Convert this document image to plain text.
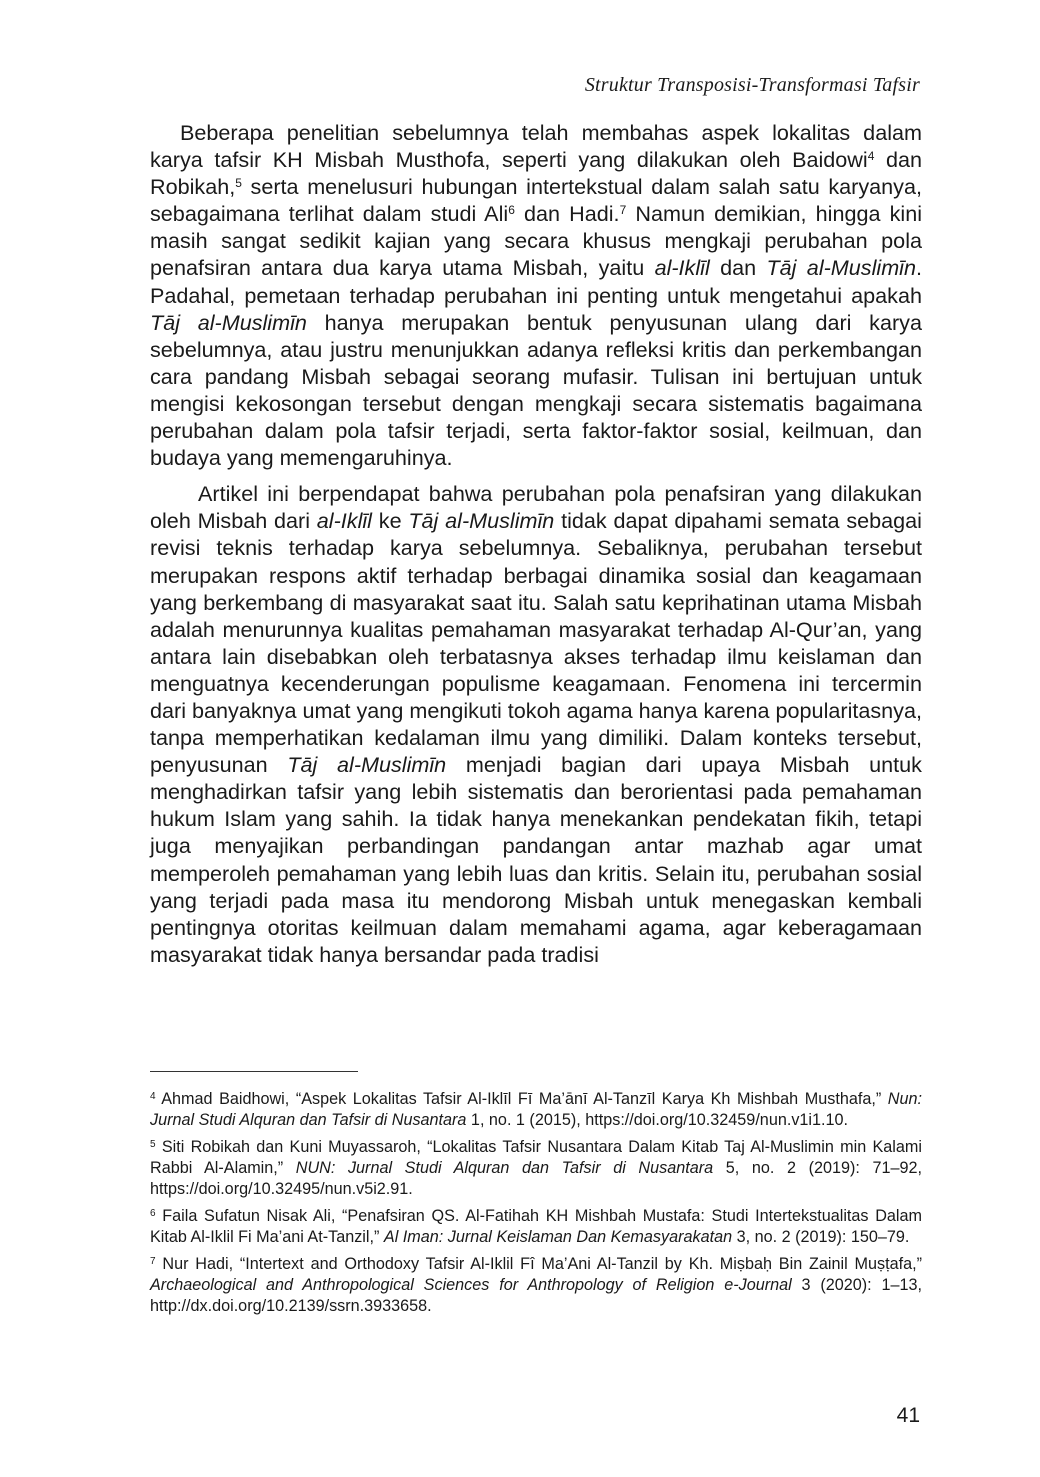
Struktur Transposisi-Transformasi Tafsir

Beberapa penelitian sebelumnya telah membahas aspek lokalitas dalam karya tafsir KH Misbah Musthofa, seperti yang dilakukan oleh Baidowi$^4$ dan Robikah,$^5$ serta menelusuri hubungan intertekstual dalam salah satu karyanya, sebagaimana terlihat dalam studi Ali$^6$ dan Hadi.$^7$ Namun demikian, hingga kini masih sangat sedikit kajian yang secara khusus mengkaji perubahan pola penafsiran antara dua karya utama Misbah, yaitu al-Iklīl dan Tāj al-Muslimīn. Padahal, pemetaan terhadap perubahan ini penting untuk mengetahui apakah Tāj al-Muslimīn hanya merupakan bentuk penyusunan ulang dari karya sebelumnya, atau justru menunjukkan adanya refleksi kritis dan perkembangan cara pandang Misbah sebagai seorang mufasir. Tulisan ini bertujuan untuk mengisi kekosongan tersebut dengan mengkaji secara sistematis bagaimana perubahan dalam pola tafsir terjadi, serta faktor-faktor sosial, keilmuan, dan budaya yang memengaruhinya.

Artikel ini berpendapat bahwa perubahan pola penafsiran yang dilakukan oleh Misbah dari al-Iklīl ke Tāj al-Muslimīn tidak dapat dipahami semata sebagai revisi teknis terhadap karya sebelumnya. Sebaliknya, perubahan tersebut merupakan respons aktif terhadap berbagai dinamika sosial dan keagamaan yang berkembang di masyarakat saat itu. Salah satu keprihatinan utama Misbah adalah menurunnya kualitas pemahaman masyarakat terhadap Al-Qur’an, yang antara lain disebabkan oleh terbatasnya akses terhadap ilmu keislaman dan menguatnya kecenderungan populisme keagamaan. Fenomena ini tercermin dari banyaknya umat yang mengikuti tokoh agama hanya karena popularitasnya, tanpa memperhatikan kedalaman ilmu yang dimiliki. Dalam konteks tersebut, penyusunan Tāj al-Muslimīn menjadi bagian dari upaya Misbah untuk menghadirkan tafsir yang lebih sistematis dan berorientasi pada pemahaman hukum Islam yang sahih. Ia tidak hanya menekankan pendekatan fikih, tetapi juga menyajikan perbandingan pandangan antar mazhab agar umat memperoleh pemahaman yang lebih luas dan kritis. Selain itu, perubahan sosial yang terjadi pada masa itu mendorong Misbah untuk menegaskan kembali pentingnya otoritas keilmuan dalam memahami agama, agar keberagamaan masyarakat tidak hanya bersandar pada tradisi

$^4$ Ahmad Baidhowi, “Aspek Lokalitas Tafsir Al-Iklīl Fī Ma’ānī Al-Tanzīl Karya Kh Mishbah Musthafa,” Nun: Jurnal Studi Alquran dan Tafsir di Nusantara 1, no. 1 (2015), https://doi.org/10.32459/nun.v1i1.10.

$^5$ Siti Robikah dan Kuni Muyassaroh, “Lokalitas Tafsir Nusantara Dalam Kitab Taj Al-Muslimin min Kalami Rabbi Al-Alamin,” NUN: Jurnal Studi Alquran dan Tafsir di Nusantara 5, no. 2 (2019): 71–92, https://doi.org/10.32495/nun.v5i2.91.

$^6$ Faila Sufatun Nisak Ali, “Penafsiran QS. Al-Fatihah KH Mishbah Mustafa: Studi Intertekstualitas Dalam Kitab Al-Iklil Fi Ma’ani At-Tanzil,” Al Iman: Jurnal Keislaman Dan Kemasyarakatan 3, no. 2 (2019): 150–79.

$^7$ Nur Hadi, “Intertext and Orthodoxy Tafsir Al-Iklil Fî Ma’Ani Al-Tanzil by Kh. Miṣbaḥ Bin Zainil Muṣṭafa,” Archaeological and Anthropological Sciences for Anthropology of Religion e-Journal 3 (2020): 1–13, http://dx.doi.org/10.2139/ssrn.3933658.

41
